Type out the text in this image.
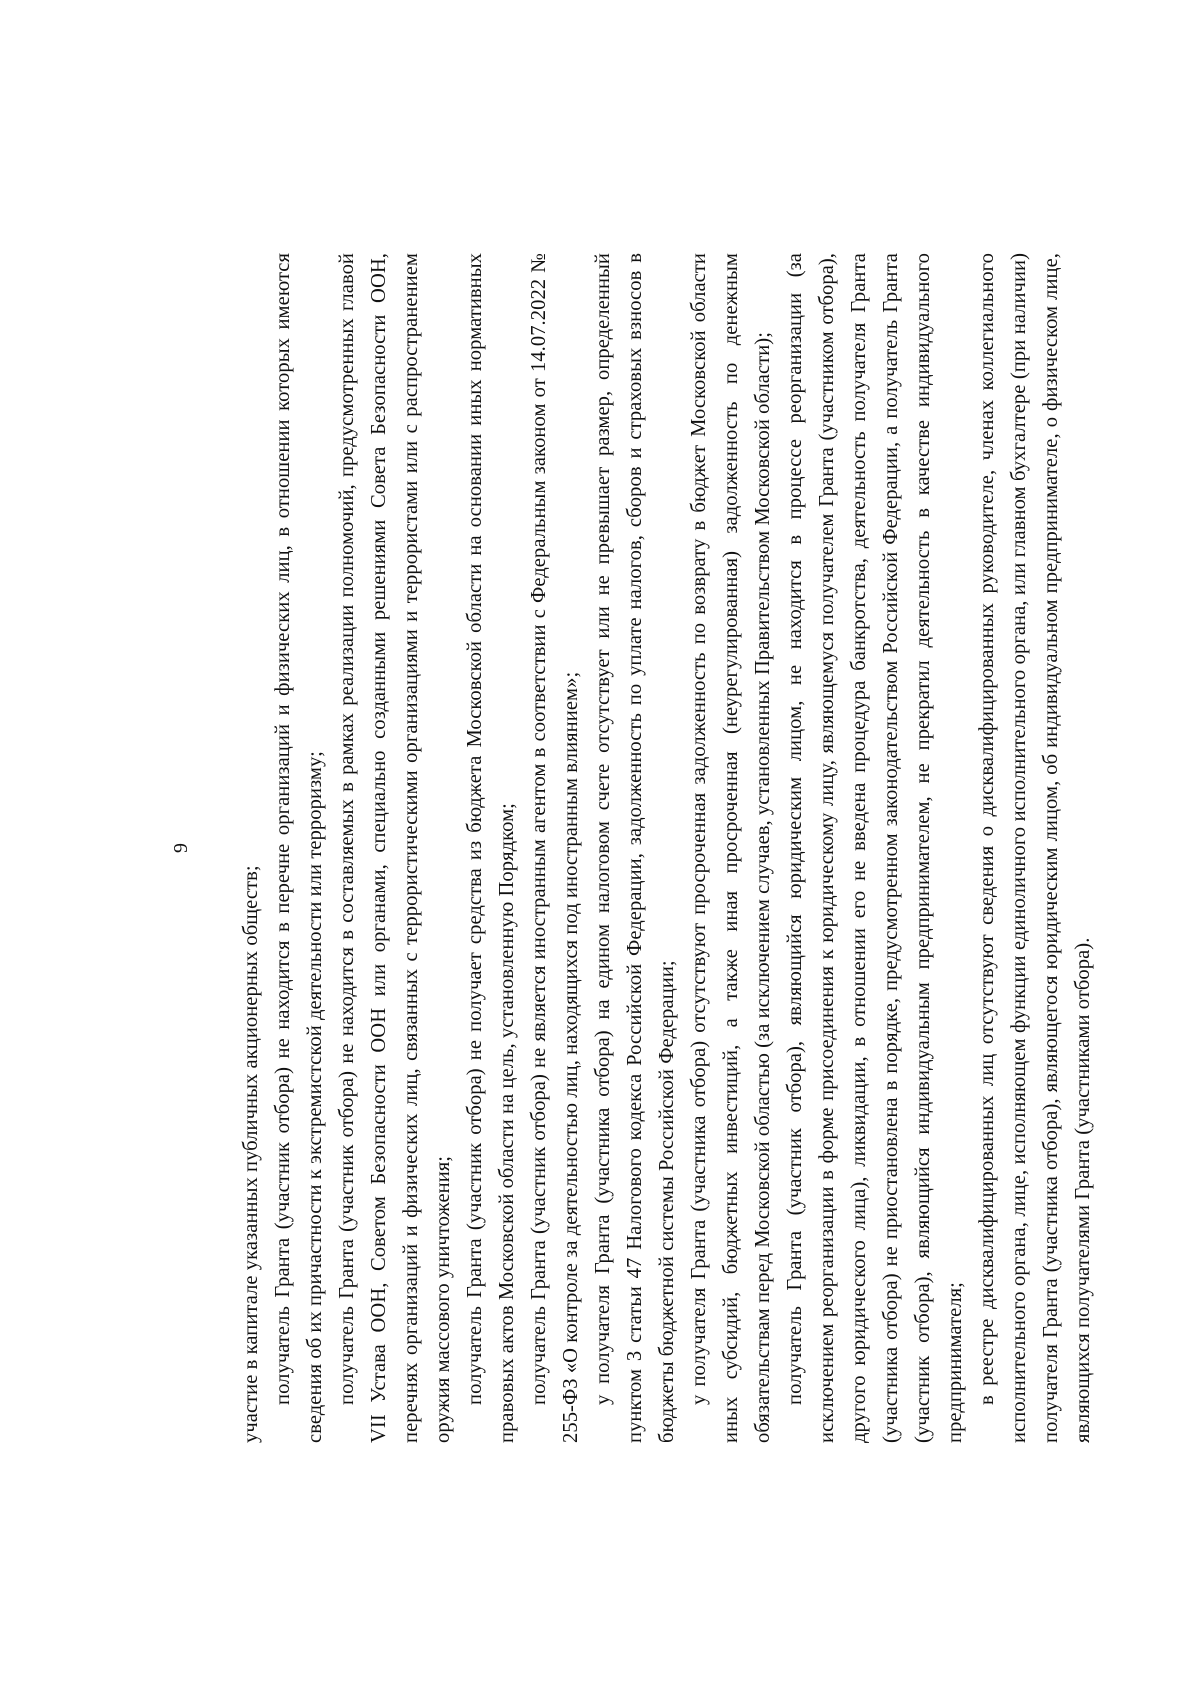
9

участие в капитале указанных публичных акционерных обществ; получатель Гранта (участник отбора) не находится в перечне организаций и физических лиц, в отношении которых имеются сведения об их причастности к экстремистской деятельности или терроризму; получатель Гранта (участник отбора) не находится в составляемых в рамках реализации полномочий, предусмотренных главой VII Устава ООН, Советом Безопасности ООН или органами, специально созданными решениями Совета Безопасности ООН, перечнях организаций и физических лиц, связанных с террористическими организациями и террористами или с распространением оружия массового уничтожения; получатель Гранта (участник отбора) не получает средства из бюджета Московской области на основании иных нормативных правовых актов Московской области на цель, установленную Порядком; получатель Гранта (участник отбора) не является иностранным агентом в соответствии с Федеральным законом от 14.07.2022 № 255-ФЗ «О контроле за деятельностью лиц, находящихся под иностранным влиянием»; у получателя Гранта (участника отбора) на едином налоговом счете отсутствует или не превышает размер, определенный пунктом 3 статьи 47 Налогового кодекса Российской Федерации, задолженность по уплате налогов, сборов и страховых взносов в бюджеты бюджетной системы Российской Федерации; у получателя Гранта (участника отбора) отсутствуют просроченная задолженность по возврату в бюджет Московской области иных субсидий, бюджетных инвестиций, а также иная просроченная (неурегулированная) задолженность по денежным обязательствам перед Московской областью (за исключением случаев, установленных Правительством Московской области); получатель Гранта (участник отбора), являющийся юридическим лицом, не находится в процессе реорганизации (за исключением реорганизации в форме присоединения к юридическому лицу, являющемуся получателем Гранта (участником отбора), другого юридического лица), ликвидации, в отношении его не введена процедура банкротства, деятельность получателя Гранта (участника отбора) не приостановлена в порядке, предусмотренном законодательством Российской Федерации, а получатель Гранта (участник отбора), являющийся индивидуальным предпринимателем, не прекратил деятельность в качестве индивидуального предпринимателя; в реестре дисквалифицированных лиц отсутствуют сведения о дисквалифицированных руководителе, членах коллегиального исполнительного органа, лице, исполняющем функции единоличного исполнительного органа, или главном бухгалтере (при наличии) получателя Гранта (участника отбора), являющегося юридическим лицом, об индивидуальном предпринимателе, о физическом лице, являющихся получателями Гранта (участниками отбора).
